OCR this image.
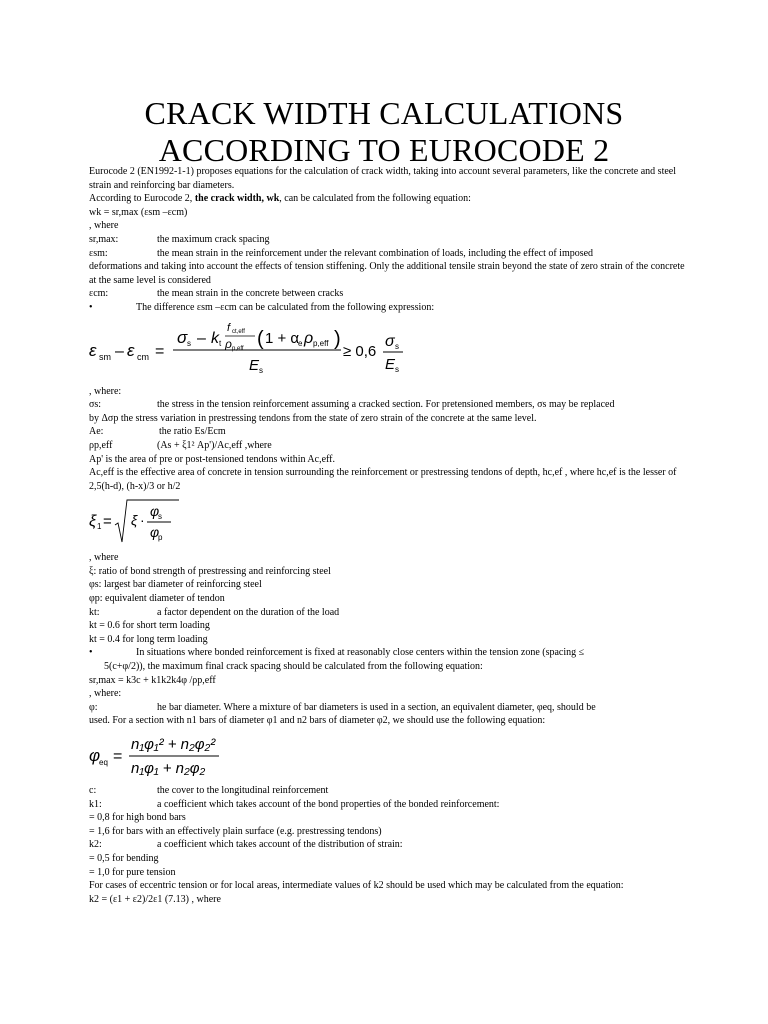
CRACK WIDTH CALCULATIONS
ACCORDING TO EUROCODE 2
Eurocode 2 (EN1992-1-1) proposes equations for the calculation of crack width, taking into account several parameters, like the concrete and steel strain and reinforcing bar diameters.
According to Eurocode 2, the crack width, wk, can be calculated from the following equation:
wk = sr,max (εsm –εcm)
, where
sr,max:	the maximum crack spacing
εsm:	the mean strain in the reinforcement under the relevant combination of loads, including the effect of imposed
deformations and taking into account the effects of tension stiffening. Only the additional tensile strain beyond the state of zero strain of the concrete at the same level is considered
εcm:	the mean strain in the concrete between cracks
•	The difference εsm –εcm can be calculated from the following expression:
ε sm – ε cm =
σ s – k t
f ct,eff
ρ p,eff ( 1 + α
e ρ p,eff )
E s
≥ 0,6
σ s
E s
, where:
σs:	the stress in the tension reinforcement assuming a cracked section. For pretensioned members, σs may be replaced
by Δσp the stress variation in prestressing tendons from the state of zero strain of the concrete at the same level.
Ae:	the ratio Es/Ecm
ρp,eff	(As + ξ1² Ap')/Ac,eff ,where
Ap' is the area of pre or post-tensioned tendons within Ac,eff.
Ac,eff is the effective area of concrete in tension surrounding the reinforcement or prestressing tendons of depth, hc,ef , where hc,ef is the lesser of 2,5(h-d), (h-x)/3 or h/2
ξ 1 = ξ ·
φ
s
φ
p
, where
ξ: ratio of bond strength of prestressing and reinforcing steel
φs: largest bar diameter of reinforcing steel
φp: equivalent diameter of tendon
kt:	a factor dependent on the duration of the load
kt = 0.6 for short term loading
kt = 0.4 for long term loading
•	In situations where bonded reinforcement is fixed at reasonably close centers within the tension zone (spacing ≤
5(c+φ/2)), the maximum final crack spacing should be calculated from the following equation:
sr,max = k3c + k1k2k4φ /ρp,eff
, where:
φ:	he bar diameter. Where a mixture of bar diameters is used in a section, an equivalent diameter, φeq, should be
used. For a section with n1 bars of diameter φ1 and n2 bars of diameter φ2, we should use the following equation:
φ
eq =
n₁φ₁² + n₂φ₂²
n₁φ₁ + n₂φ₂
c:	the cover to the longitudinal reinforcement
k1:	a coefficient which takes account of the bond properties of the bonded reinforcement:
= 0,8 for high bond bars
= 1,6 for bars with an effectively plain surface (e.g. prestressing tendons)
k2:	a coefficient which takes account of the distribution of strain:
= 0,5 for bending
= 1,0 for pure tension
For cases of eccentric tension or for local areas, intermediate values of k2 should be used which may be calculated from the equation:
k2 = (ε1 + ε2)/2ε1 (7.13) , where
